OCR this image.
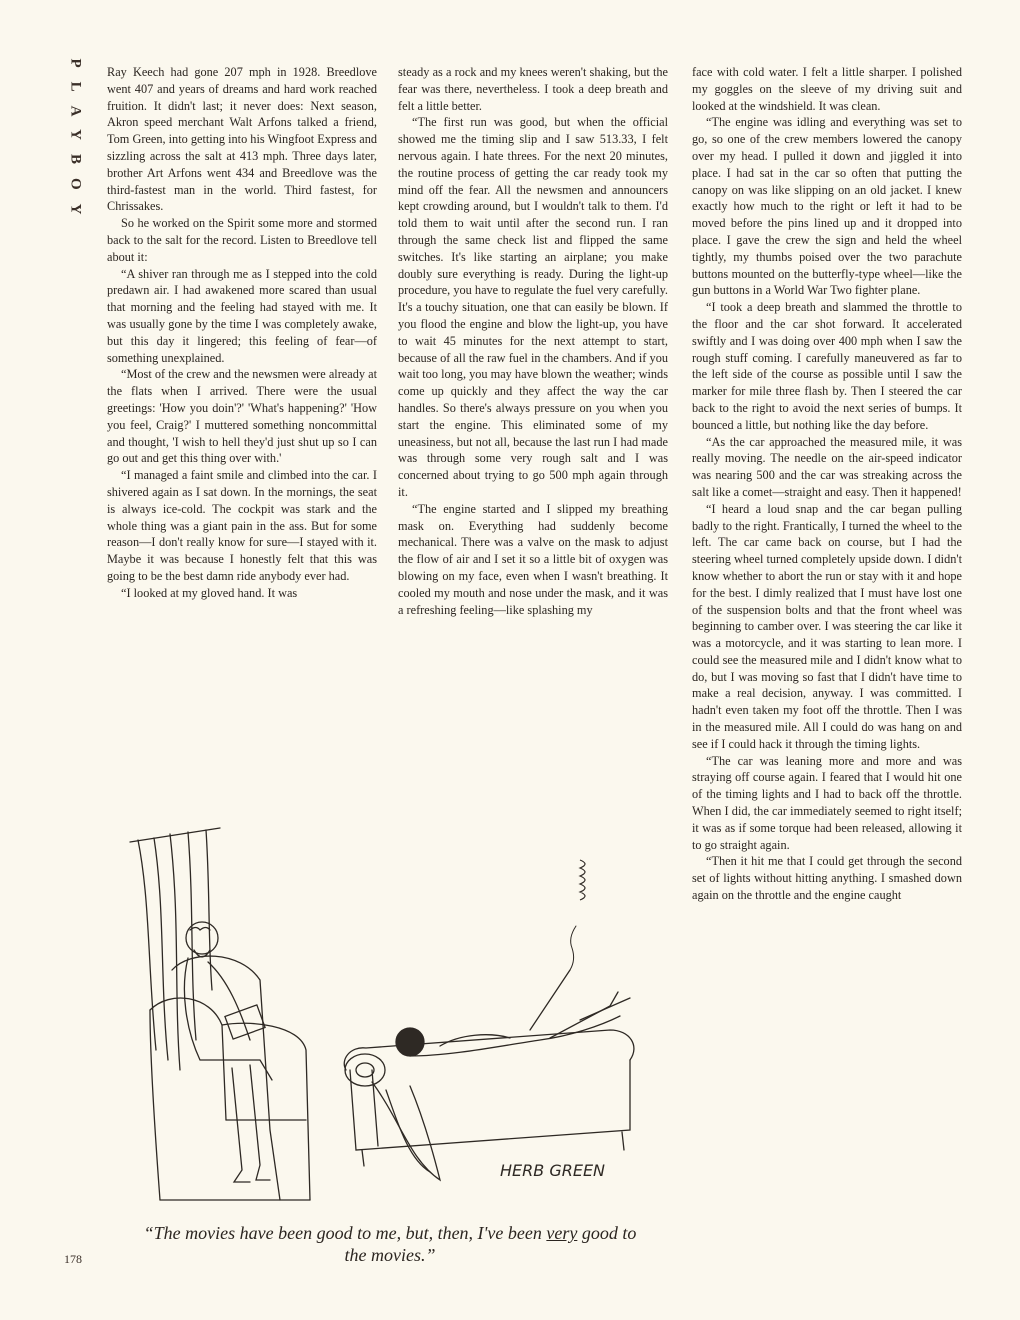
PLAYBOY Ray Keech had gone 207 mph in 1928. Breedlove went 407 and years of dreams and hard work reached fruition. It didn't last; it never does: Next season, Akron speed merchant Walt Arfons talked a friend, Tom Green, into getting into his Wingfoot Express and sizzling across the salt at 413 mph. Three days later, brother Art Arfons went 434 and Breedlove was the third-fastest man in the world. Third fastest, for Chrissakes.

So he worked on the Spirit some more and stormed back to the salt for the record. Listen to Breedlove tell about it:

“A shiver ran through me as I stepped into the cold predawn air. I had awakened more scared than usual that morning and the feeling had stayed with me. It was usually gone by the time I was completely awake, but this day it lingered; this feeling of fear—of something unexplained.

“Most of the crew and the newsmen were already at the flats when I arrived. There were the usual greetings: 'How you doin'?' 'What's happening?' 'How you feel, Craig?' I muttered something noncommittal and thought, 'I wish to hell they'd just shut up so I can go out and get this thing over with.'

“I managed a faint smile and climbed into the car. I shivered again as I sat down. In the mornings, the seat is always ice-cold. The cockpit was stark and the whole thing was a giant pain in the ass. But for some reason—I don't really know for sure—I stayed with it. Maybe it was because I honestly felt that this was going to be the best damn ride anybody ever had.

“I looked at my gloved hand. It was

steady as a rock and my knees weren't shaking, but the fear was there, nevertheless. I took a deep breath and felt a little better.

“The first run was good, but when the official showed me the timing slip and I saw 513.33, I felt nervous again. I hate threes. For the next 20 minutes, the routine process of getting the car ready took my mind off the fear. All the newsmen and announcers kept crowding around, but I wouldn't talk to them. I'd told them to wait until after the second run. I ran through the same check list and flipped the same switches. It's like starting an airplane; you make doubly sure everything is ready. During the light-up procedure, you have to regulate the fuel very carefully. It's a touchy situation, one that can easily be blown. If you flood the engine and blow the light-up, you have to wait 45 minutes for the next attempt to start, because of all the raw fuel in the chambers. And if you wait too long, you may have blown the weather; winds come up quickly and they affect the way the car handles. So there's always pressure on you when you start the engine. This eliminated some of my uneasiness, but not all, because the last run I had made was through some very rough salt and I was concerned about trying to go 500 mph again through it.

“The engine started and I slipped my breathing mask on. Everything had suddenly become mechanical. There was a valve on the mask to adjust the flow of air and I set it so a little bit of oxygen was blowing on my face, even when I wasn't breathing. It cooled my mouth and nose under the mask, and it was a refreshing feeling—like splashing my

face with cold water. I felt a little sharper. I polished my goggles on the sleeve of my driving suit and looked at the windshield. It was clean.

“The engine was idling and everything was set to go, so one of the crew members lowered the canopy over my head. I pulled it down and jiggled it into place. I had sat in the car so often that putting the canopy on was like slipping on an old jacket. I knew exactly how much to the right or left it had to be moved before the pins lined up and it dropped into place. I gave the crew the sign and held the wheel tightly, my thumbs poised over the two parachute buttons mounted on the butterfly-type wheel—like the gun buttons in a World War Two fighter plane.

“I took a deep breath and slammed the throttle to the floor and the car shot forward. It accelerated swiftly and I was doing over 400 mph when I saw the rough stuff coming. I carefully maneuvered as far to the left side of the course as possible until I saw the marker for mile three flash by. Then I steered the car back to the right to avoid the next series of bumps. It bounced a little, but nothing like the day before.

“As the car approached the measured mile, it was really moving. The needle on the air-speed indicator was nearing 500 and the car was streaking across the salt like a comet—straight and easy. Then it happened!

“I heard a loud snap and the car began pulling badly to the right. Frantically, I turned the wheel to the left. The car came back on course, but I had the steering wheel turned completely upside down. I didn't know whether to abort the run or stay with it and hope for the best. I dimly realized that I must have lost one of the suspension bolts and that the front wheel was beginning to camber over. I was steering the car like it was a motorcycle, and it was starting to lean more. I could see the measured mile and I didn't know what to do, but I was moving so fast that I didn't have time to make a real decision, anyway. I was committed. I hadn't even taken my foot off the throttle. Then I was in the measured mile. All I could do was hang on and see if I could hack it through the timing lights.

“The car was leaning more and more and was straying off course again. I feared that I would hit one of the timing lights and I had to back off the throttle. When I did, the car immediately seemed to right itself; it was as if some torque had been released, allowing it to go straight again.

“Then it hit me that I could get through the second set of lights without hitting anything. I smashed down again on the throttle and the engine caught

HERB GREEN
“The movies have been good to me, but, then, I've been very good to the movies.”
178
